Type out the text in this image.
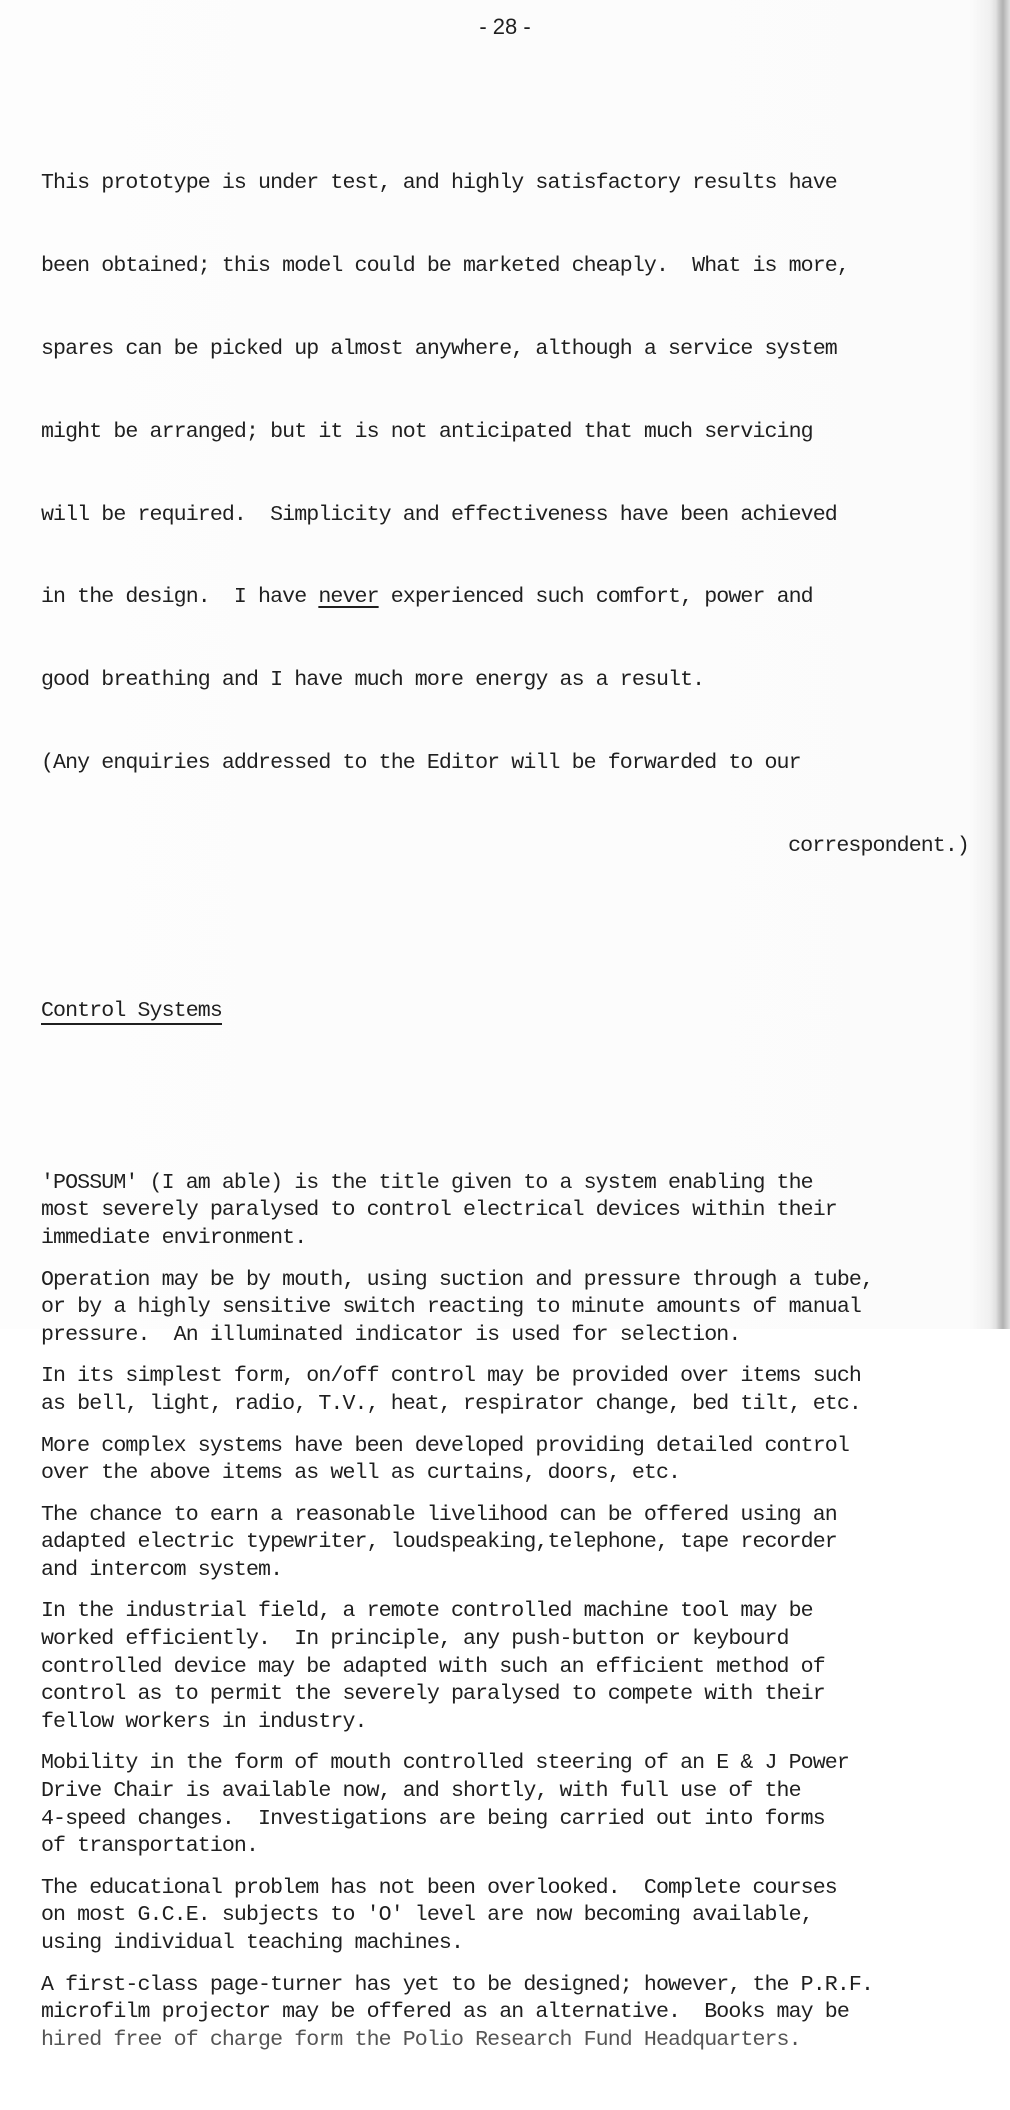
- 28 -

This prototype is under test, and highly satisfactory results have

been obtained; this model could be marketed cheaply.  What is more,

spares can be picked up almost anywhere, although a service system

might be arranged; but it is not anticipated that much servicing

will be required.  Simplicity and effectiveness have been achieved

in the design.  I have never experienced such comfort, power and

good breathing and I have much more energy as a result.

(Any enquiries addressed to the Editor will be forwarded to our

correspondent.)

Control Systems

'POSSUM' (I am able) is the title given to a system enabling the
most severely paralysed to control electrical devices within their
immediate environment.
Operation may be by mouth, using suction and pressure through a tube,
or by a highly sensitive switch reacting to minute amounts of manual
pressure.  An illuminated indicator is used for selection.
In its simplest form, on/off control may be provided over items such
as bell, light, radio, T.V., heat, respirator change, bed tilt, etc.
More complex systems have been developed providing detailed control
over the above items as well as curtains, doors, etc.
The chance to earn a reasonable livelihood can be offered using an
adapted electric typewriter, loudspeaking,telephone, tape recorder
and intercom system.
In the industrial field, a remote controlled machine tool may be
worked efficiently.  In principle, any push-button or keybourd
controlled device may be adapted with such an efficient method of
control as to permit the severely paralysed to compete with their
fellow workers in industry.
Mobility in the form of mouth controlled steering of an E & J Power
Drive Chair is available now, and shortly, with full use of the
4-speed changes.  Investigations are being carried out into forms
of transportation.
The educational problem has not been overlooked.  Complete courses
on most G.C.E. subjects to 'O' level are now becoming available,
using individual teaching machines.
A first-class page-turner has yet to be designed; however, the P.R.F.
microfilm projector may be offered as an alternative.  Books may be
hired free of charge form the Polio Research Fund Headquarters.
